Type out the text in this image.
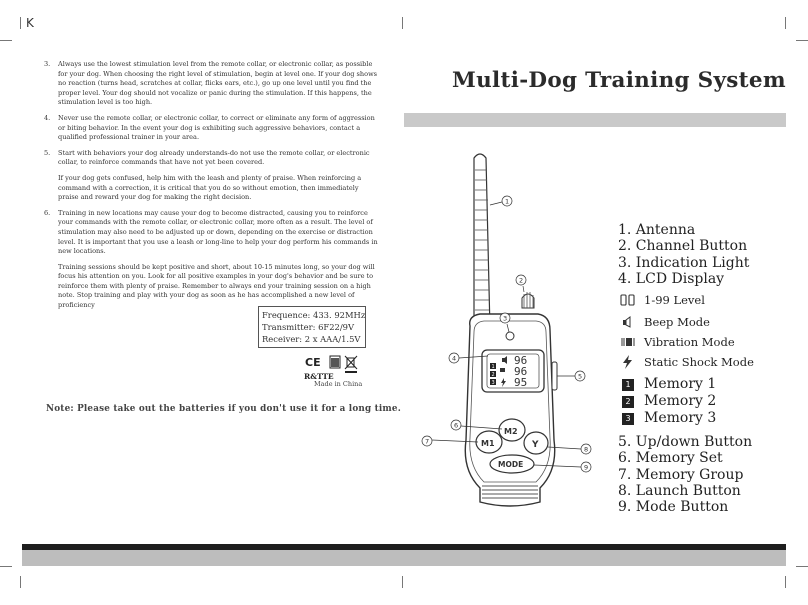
K
3. Always use the lowest stimulation level from the remote collar, or electronic collar, as possible for your dog. When choosing the right level of stimulation, begin at level one. If your dog shows no reaction (turns head, scratches at collar, flicks ears, etc.), go up one level until you find the proper level. Your dog should not vocalize or panic during the stimulation. If this happens, the stimulation level is too high.
4. Never use the remote collar, or electronic collar, to correct or eliminate any form of aggression or biting behavior. In the event your dog is exhibiting such aggressive behaviors, contact a qualified professional trainer in your area.
5. Start with behaviors your dog already understands-do not use the remote collar, or electronic collar, to reinforce commands that have not yet been covered.
If your dog gets confused, help him with the leash and plenty of praise. When reinforcing a command with a correction, it is critical that you do so without emotion, then immediately praise and reward your dog for making the right decision.
6. Training in new locations may cause your dog to become distracted, causing you to reinforce your commands with the remote collar, or electronic collar, more often as a result. The level of stimulation may also need to be adjusted up or down, depending on the exercise or distraction level. It is important that you use a leash or long-line to help your dog perform his commands in new locations.
Training sessions should be kept positive and short, about 10-15 minutes long, so your dog will focus his attention on you. Look for all positive examples in your dog's behavior and be sure to reinforce them with plenty of praise. Remember to always end your training session on a high note. Stop training and play with your dog as soon as he has accomplished a new level of proficiency
Frequence: 433. 92MHz
Transmitter: 6F22/9V
Receiver: 2 x AAA/1.5V
CE
R&TTE
Made in China
Note: Please take out the batteries if you don't use it for a long time.
Multi-Dog Training System
1
2
3
96
96
95
M2
M1	Y
MODE
1
2
3
4
5
6
7
8
9
1. Antenna
2. Channel Button
3. Indication Light
4. LCD Display
1-99 Level
Beep Mode
Vibration Mode
Static Shock Mode
1 Memory 1
2 Memory 2
3 Memory 3
5. Up/down Button
6. Memory Set
7. Memory Group
8. Launch Button
9. Mode Button
